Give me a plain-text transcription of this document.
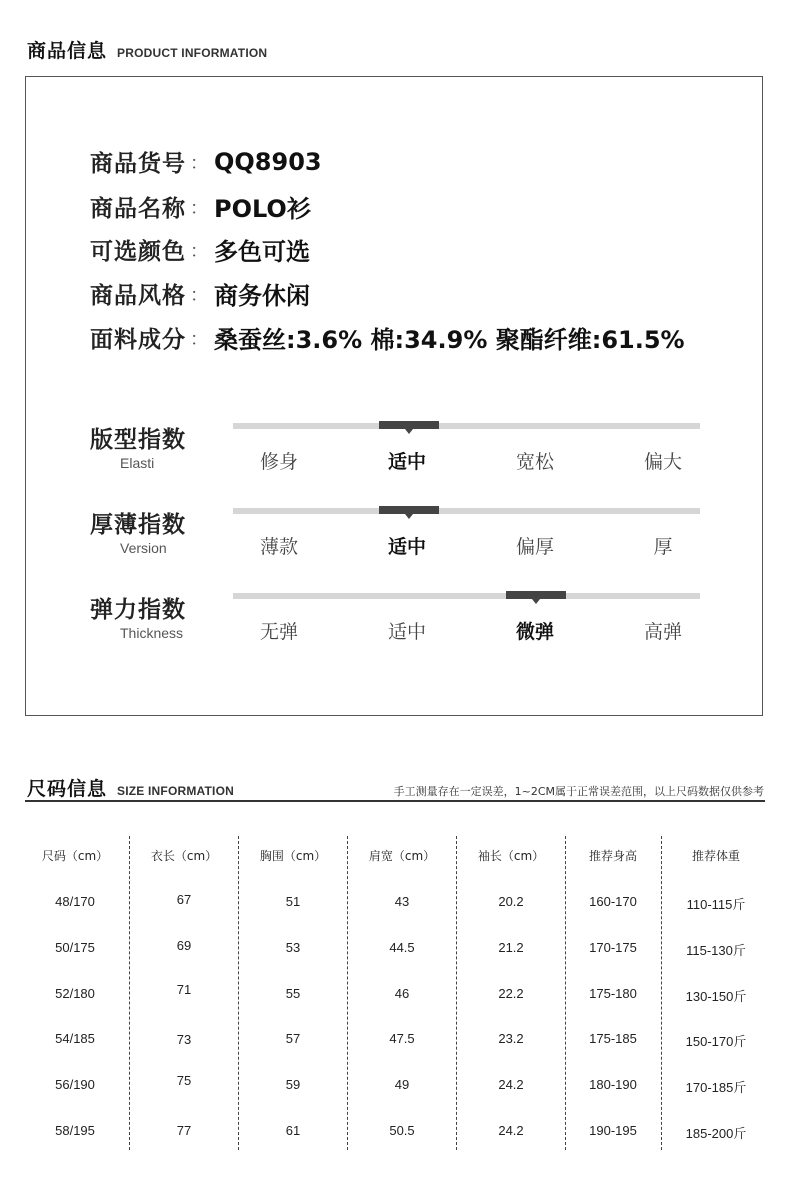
商品信息 PRODUCT INFORMATION
商品货号 ： QQ8903
商品名称 ： POLO衫
可选颜色 ： 多色可选
商品风格 ： 商务休闲
面料成分 ： 桑蚕丝:3.6% 棉:34.9% 聚酯纤维:61.5%
版型指数
Elasti	修身	适中	宽松	偏大
厚薄指数
Version	薄款	适中	偏厚	厚
弹力指数
Thickness	无弹	适中	微弹	高弹
尺码信息 SIZE INFORMATION	手工测量存在一定误差，1~2CM属于正常误差范围，以上尺码数据仅供参考
尺码（cm）	衣长（cm）	胸围（cm）	肩宽（cm）	袖长（cm）	推荐身高	推荐体重
48/170	67	51	43	20.2	160-170	110-115斤
50/175	69	53	44.5	21.2	170-175	115-130斤
52/180	71	55	46	22.2	175-180	130-150斤
54/185	73	57	47.5	23.2	175-185	150-170斤
56/190	75	59	49	24.2	180-190	170-185斤
58/195	77	61	50.5	24.2	190-195	185-200斤
